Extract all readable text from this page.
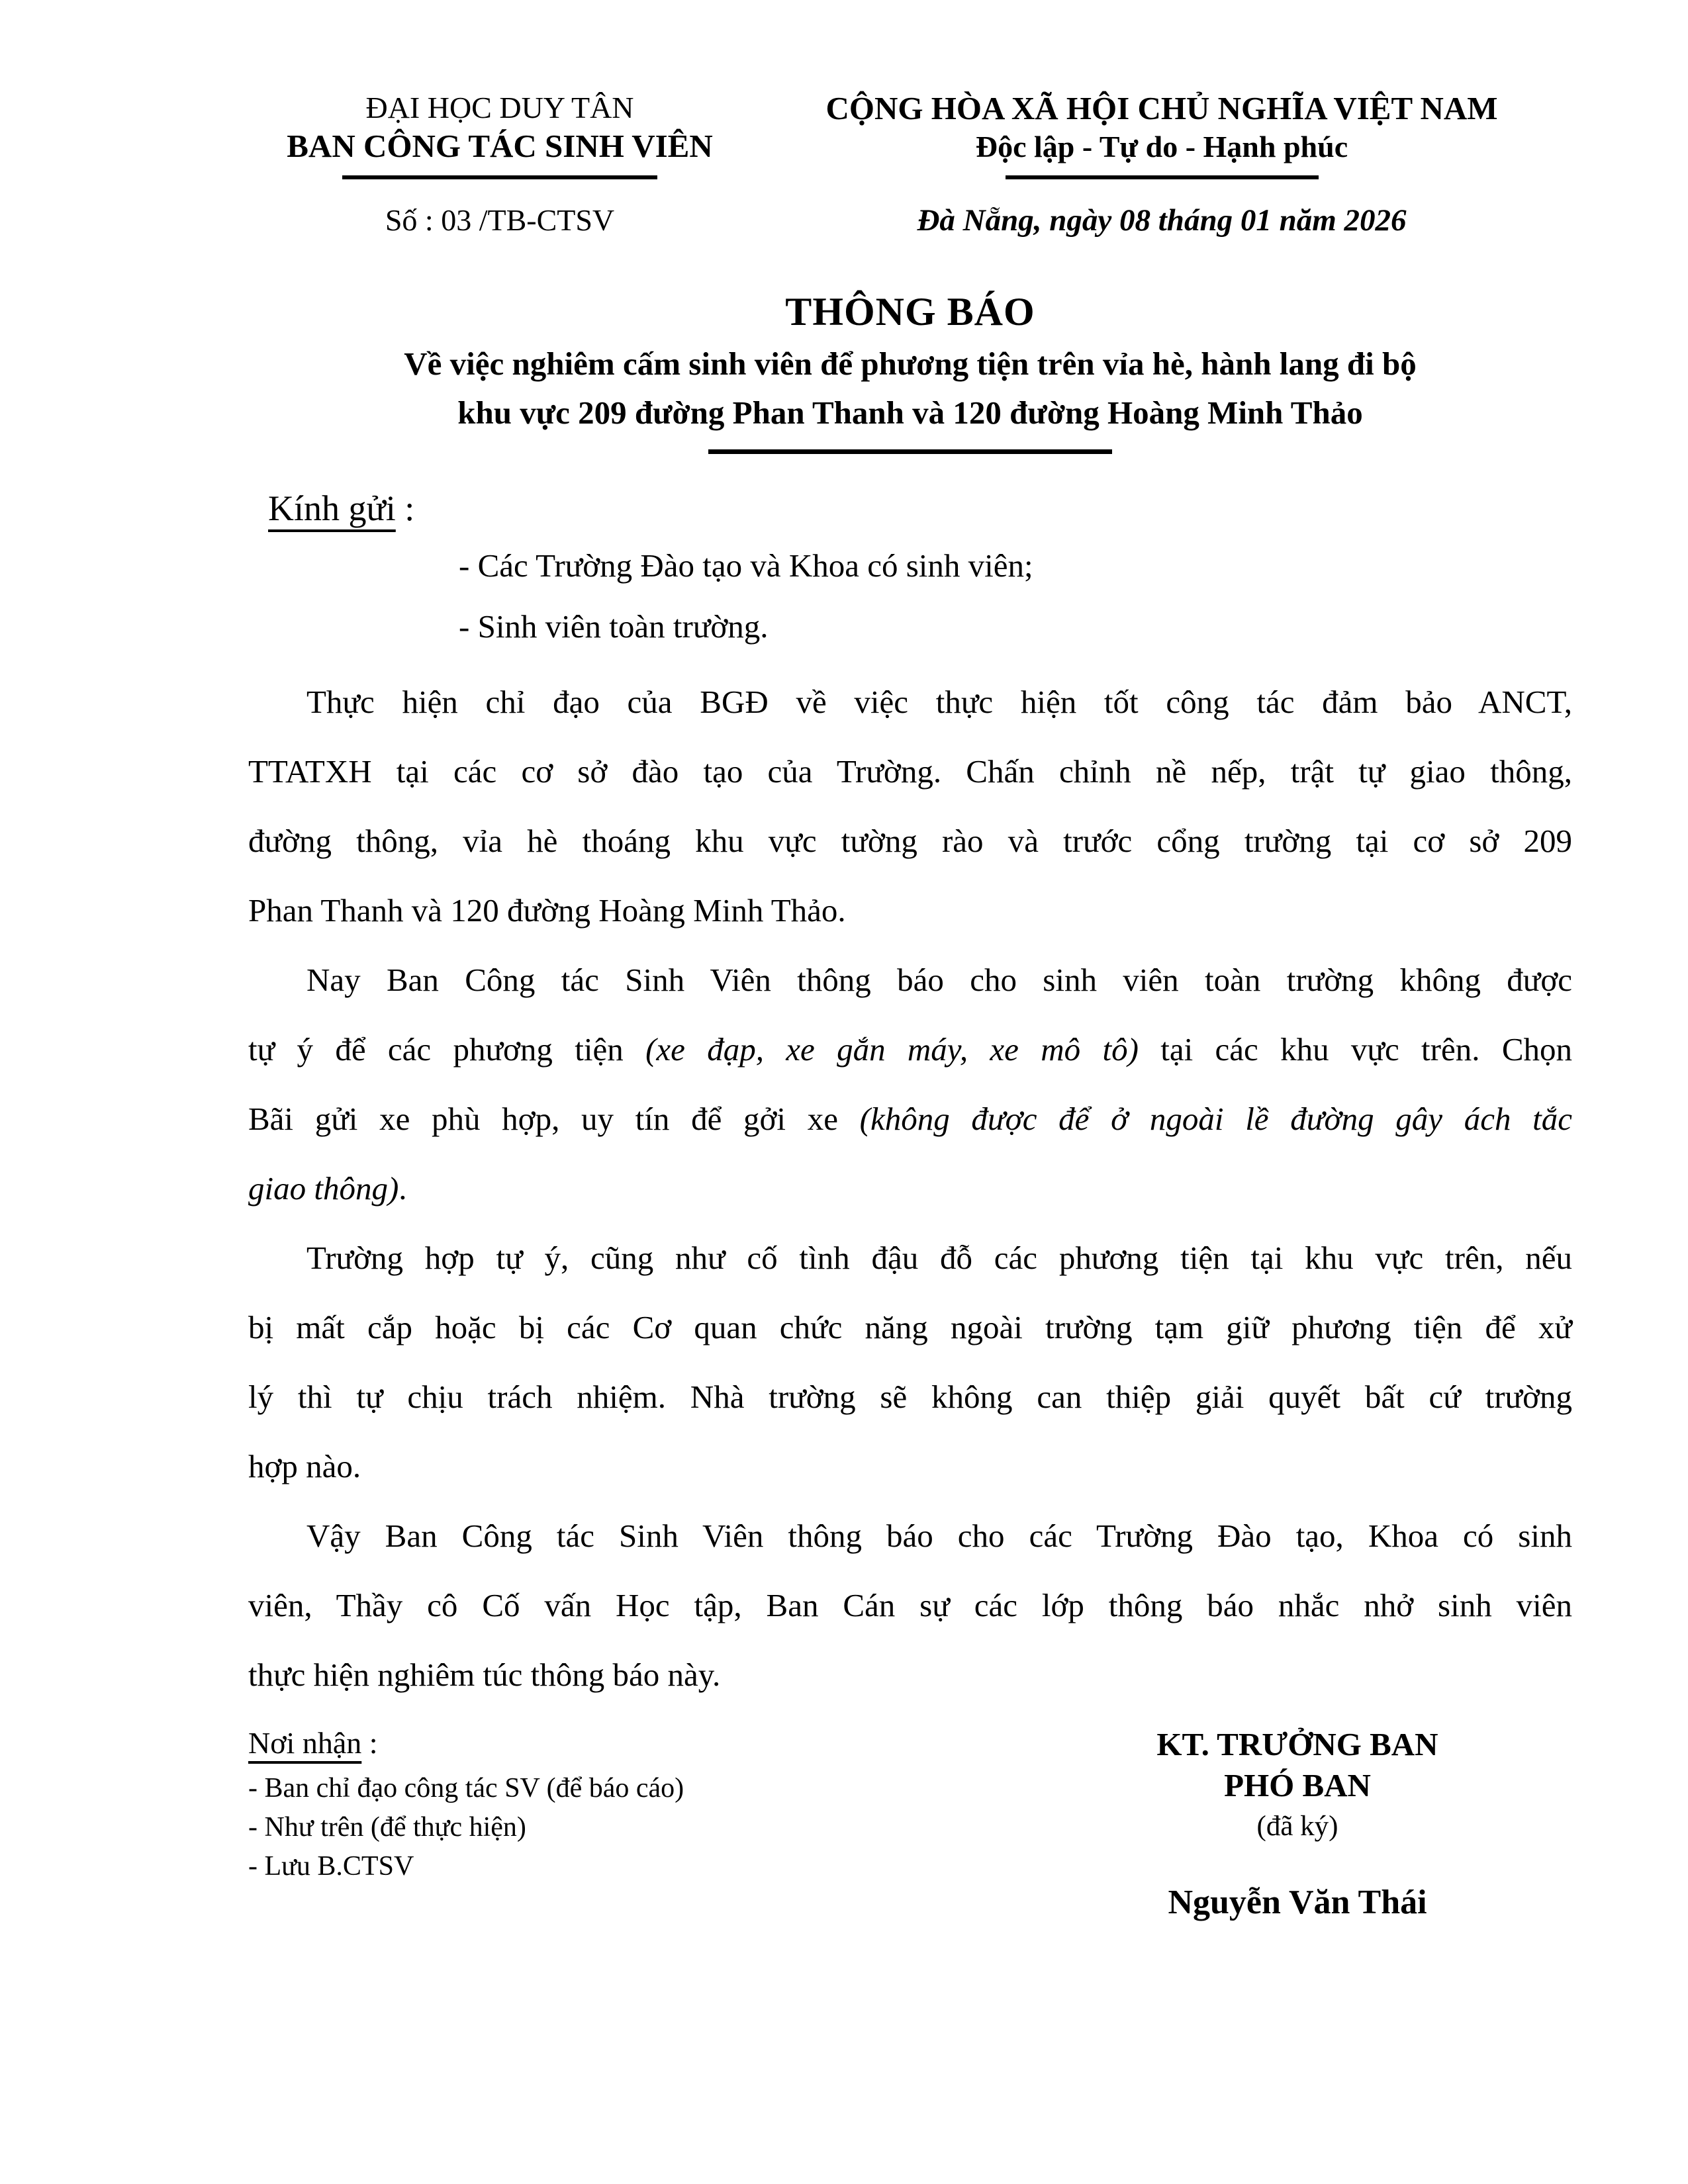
ĐẠI HỌC DUY TÂN
BAN CÔNG TÁC SINH VIÊN
Số : 03 /TB-CTSV
CỘNG HÒA XÃ HỘI CHỦ NGHĨA VIỆT NAM
Độc lập - Tự do - Hạnh phúc
Đà Nẵng, ngày 08 tháng 01 năm 2026
THÔNG BÁO
Về việc nghiêm cấm sinh viên để phương tiện trên vỉa hè, hành lang đi bộ
khu vực 209 đường Phan Thanh và 120 đường Hoàng Minh Thảo
Kính gửi :
- Các Trường Đào tạo và Khoa có sinh viên;
- Sinh viên toàn trường.
Thực hiện chỉ đạo của BGĐ về việc thực hiện tốt công tác đảm bảo ANCT,
TTATXH tại các cơ sở đào tạo của Trường. Chấn chỉnh nề nếp, trật tự giao thông,
đường thông, vỉa hè thoáng khu vực tường rào và trước cổng trường tại cơ sở 209
Phan Thanh và 120 đường Hoàng Minh Thảo.
Nay Ban Công tác Sinh Viên thông báo cho sinh viên toàn trường không được
tự ý để các phương tiện (xe đạp, xe gắn máy, xe mô tô) tại các khu vực trên. Chọn
Bãi gửi xe phù hợp, uy tín để gởi xe (không được để ở ngoài lề đường gây ách tắc
giao thông).
Trường hợp tự ý, cũng như cố tình đậu đỗ các phương tiện tại khu vực trên, nếu
bị mất cắp hoặc bị các Cơ quan chức năng ngoài trường tạm giữ phương tiện để xử
lý thì tự chịu trách nhiệm. Nhà trường sẽ không can thiệp giải quyết bất cứ trường
hợp nào.
Vậy Ban Công tác Sinh Viên thông báo cho các Trường Đào tạo, Khoa có sinh
viên, Thầy cô Cố vấn Học tập, Ban Cán sự các lớp thông báo nhắc nhở sinh viên
thực hiện nghiêm túc thông báo này.
Nơi nhận :
- Ban chỉ đạo công tác SV (để báo cáo)
- Như trên (để thực hiện)
- Lưu B.CTSV
KT. TRƯỞNG BAN
PHÓ BAN
(đã ký)
Nguyễn Văn Thái
